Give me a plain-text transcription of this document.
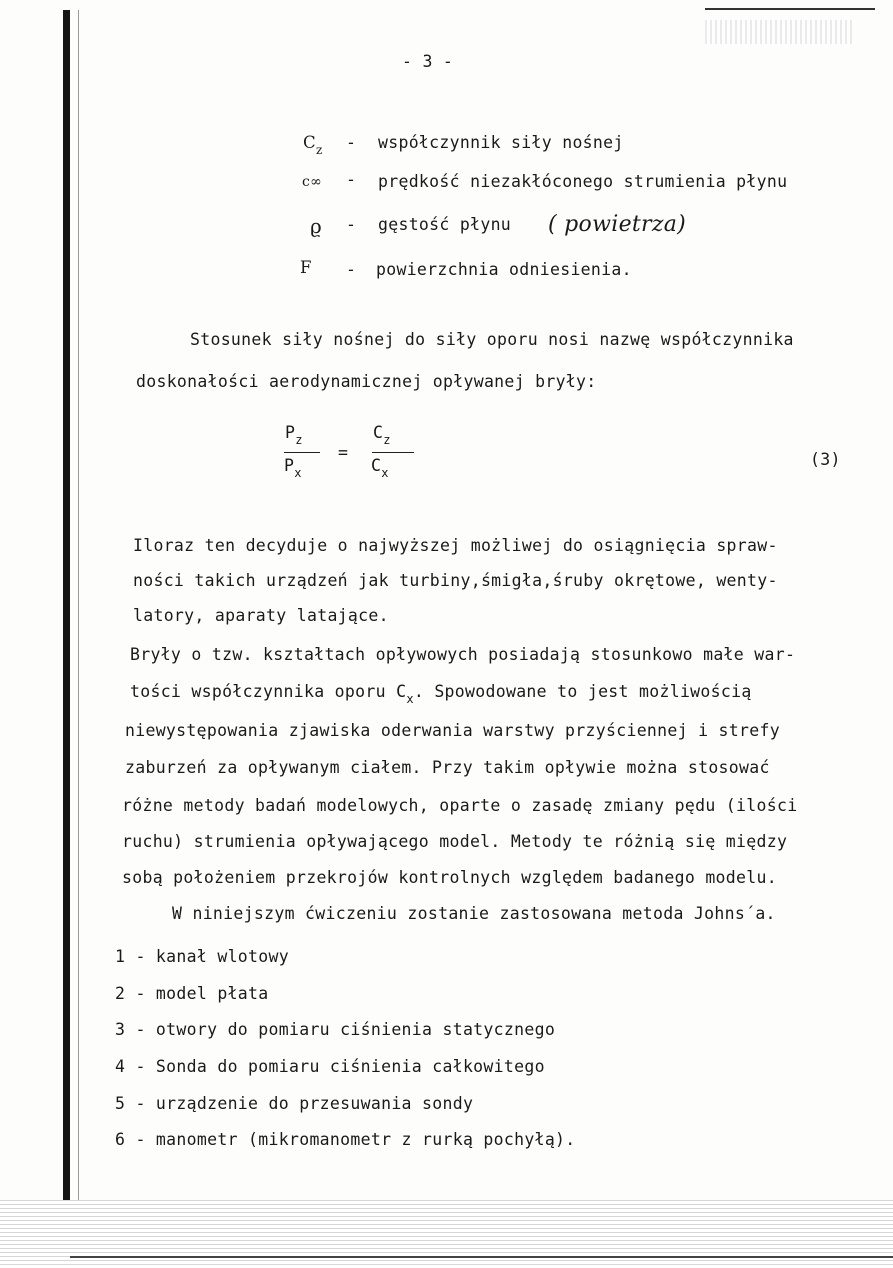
- 3 -
$C_z$ - współczynnik siły nośnej
c∞ - prędkość niezakłóconego strumienia płynu
ϱ - gęstość płynu ( powietrza)
F - powierzchnia odniesienia.
Stosunek siły nośnej do siły oporu nosi nazwę współczynnika
doskonałości aerodynamicznej opływanej bryły:
$P_z$
$P_x$
=
$C_z$
$C_x$
(3)
Iloraz ten decyduje o najwyższej możliwej do osiągnięcia spraw-
ności takich urządzeń jak turbiny,śmigła,śruby okrętowe, wenty-
latory, aparaty latające.
Bryły o tzw. kształtach opływowych posiadają stosunkowo małe war-
tości współczynnika oporu $C_x$. Spowodowane to jest możliwością
niewystępowania zjawiska oderwania warstwy przyściennej i strefy
zaburzeń za opływanym ciałem. Przy takim opływie można stosować
różne metody badań modelowych, oparte o zasadę zmiany pędu (ilości
ruchu) strumienia opływającego model. Metody te różnią się między
sobą położeniem przekrojów kontrolnych względem badanego modelu.
W niniejszym ćwiczeniu zostanie zastosowana metoda Johns´a.
1 - kanał wlotowy
2 - model płata
3 - otwory do pomiaru ciśnienia statycznego
4 - Sonda do pomiaru ciśnienia całkowitego
5 - urządzenie do przesuwania sondy
6 - manometr (mikromanometr z rurką pochyłą).
